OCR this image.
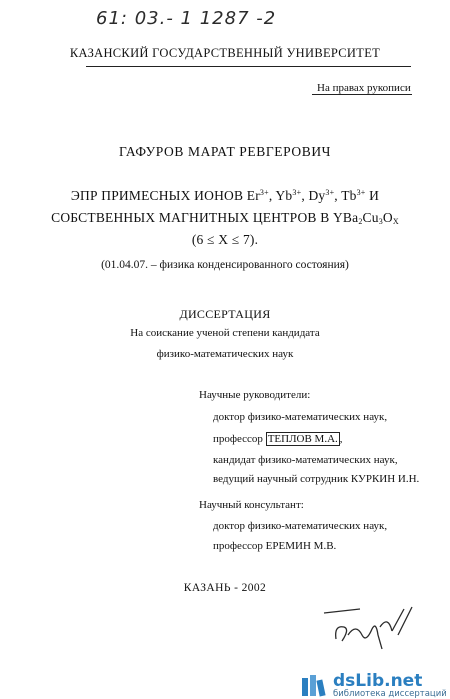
61: 03.- 1 1287 -2
КАЗАНСКИЙ ГОСУДАРСТВЕННЫЙ УНИВЕРСИТЕТ
На правах рукописи
ГАФУРОВ МАРАТ РЕВГЕРОВИЧ
ЭПР ПРИМЕСНЫХ ИОНОВ $Er^{3+}$, $Yb^{3+}$, $Dy^{3+}$, $Tb^{3+}$ И
СОБСТВЕННЫХ МАГНИТНЫХ ЦЕНТРОВ В $YBa_2Cu_3O_X$
(6 ≤ X ≤ 7).
(01.04.07. – физика конденсированного состояния)
ДИССЕРТАЦИЯ
На соискание ученой степени кандидата
физико-математических наук
Научные руководители:
доктор физико-математических наук,
профессор ТЕПЛОВ М.А. ,
кандидат физико-математических наук,
ведущий научный сотрудник КУРКИН И.Н.
Научный консультант:
доктор физико-математических наук,
профессор ЕРЕМИН М.В.
КАЗАНЬ - 2002
dsLib.net
библиотека диссертаций
